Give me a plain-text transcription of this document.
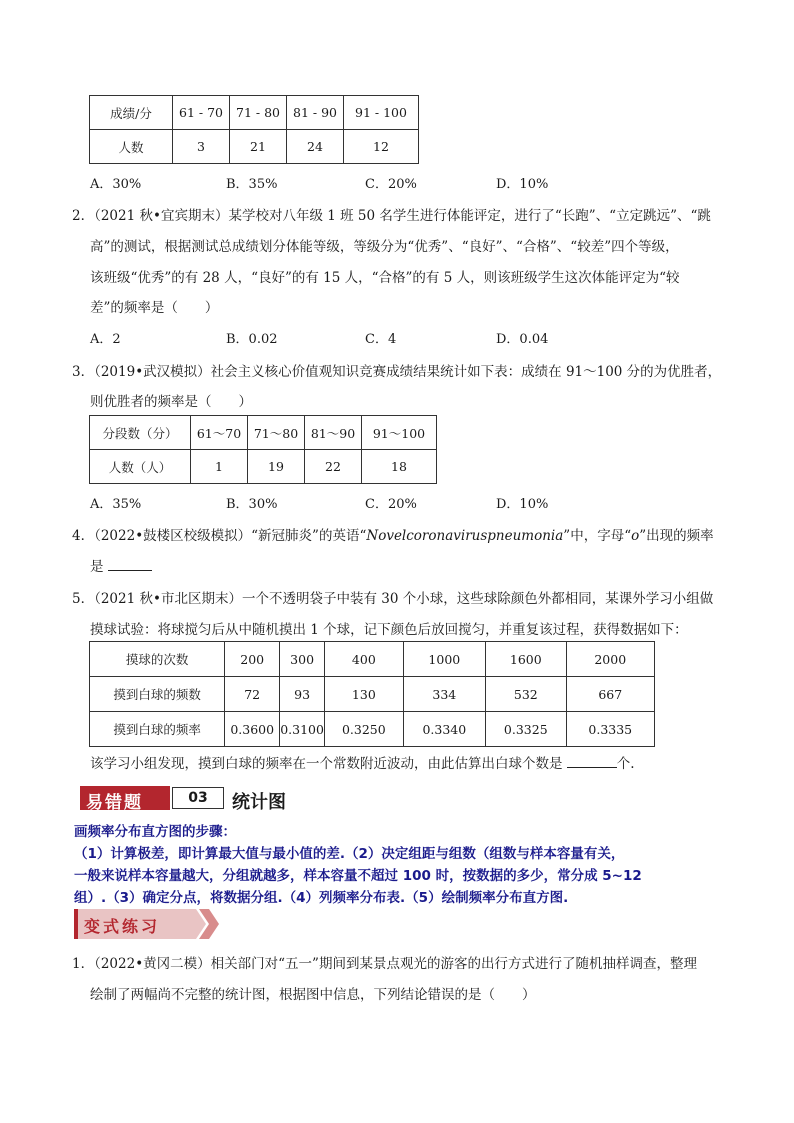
成绩/分	61 - 70	71 - 80	81 - 90	91 - 100
人数	3	21	24	12
A．30%	B．35%	C．20%	D．10%
2．（2021 秋•宜宾期末）某学校对八年级 1 班 50 名学生进行体能评定，进行了“长跑”、“立定跳远”、“跳
高”的测试，根据测试总成绩划分体能等级，等级分为“优秀”、“良好”、“合格”、“较差”四个等级，
该班级“优秀”的有 28 人，“良好”的有 15 人，“合格”的有 5 人，则该班级学生这次体能评定为“较
差”的频率是（　　）
A．2	B．0.02	C．4	D．0.04
3．（2019•武汉模拟）社会主义核心价值观知识竞赛成绩结果统计如下表：成绩在 91～100 分的为优胜者，
则优胜者的频率是（　　）
分段数（分）	61～70	71～80	81～90	91～100
人数（人）	1	19	22	18
A．35%	B．30%	C．20%	D．10%
4．（2022•鼓楼区校级模拟）“新冠肺炎”的英语“Novelcoronaviruspneumonia”中，字母“o”出现的频率
是
5．（2021 秋•市北区期末）一个不透明袋子中装有 30 个小球，这些球除颜色外都相同，某课外学习小组做
摸球试验：将球搅匀后从中随机摸出 1 个球，记下颜色后放回搅匀，并重复该过程，获得数据如下：
摸球的次数	200	300	400	1000	1600	2000
摸到白球的频数	72	93	130	334	532	667
摸到白球的频率	0.3600	0.3100	0.3250	0.3340	0.3325	0.3335
该学习小组发现，摸到白球的频率在一个常数附近波动，由此估算出白球个数是	个.
易错题	03	统计图
画频率分布直方图的步骤：
（1）计算极差，即计算最大值与最小值的差.（2）决定组距与组数（组数与样本容量有关，
一般来说样本容量越大，分组就越多，样本容量不超过 100 时，按数据的多少，常分成 5~12
组）.（3）确定分点，将数据分组.（4）列频率分布表.（5）绘制频率分布直方图.
变式练习
1．（2022•黄冈二模）相关部门对“五一”期间到某景点观光的游客的出行方式进行了随机抽样调查，整理
绘制了两幅尚不完整的统计图，根据图中信息，下列结论错误的是（　　）
